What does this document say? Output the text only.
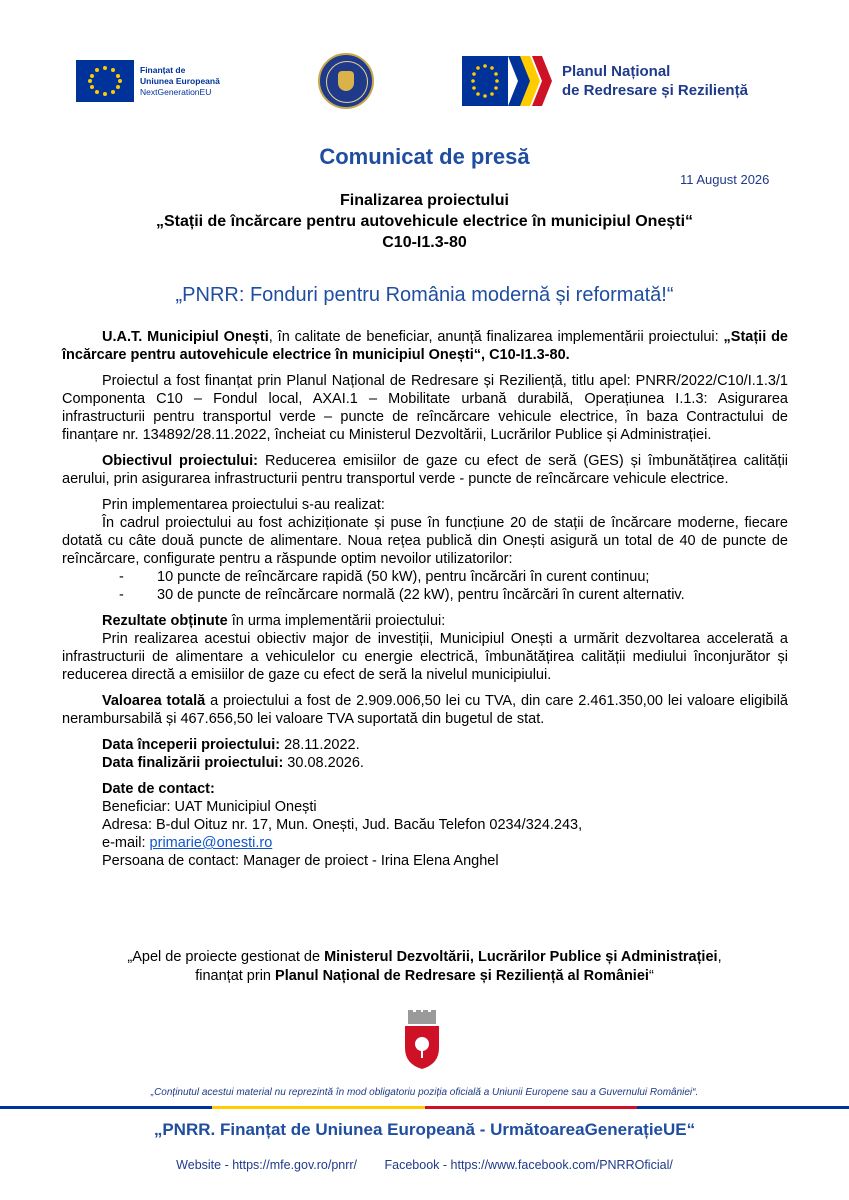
Finanțat de
Uniunea Europeană
NextGenerationEU
Planul Național
de Redresare și Reziliență
Comunicat de presă
11 August 2026
Finalizarea proiectului
„Stații de încărcare pentru autovehicule electrice în municipiul Onești“
C10-I1.3-80
„PNRR: Fonduri pentru România modernă și reformată!“

U.A.T. Municipiul Onești, în calitate de beneficiar, anunță finalizarea implementării proiectului: „Stații de încărcare pentru autovehicule electrice în municipiul Onești“, C10-I1.3-80.

Proiectul a fost finanțat prin Planul Național de Redresare și Reziliență, titlu apel: PNRR/2022/C10/I.1.3/1 Componenta C10 – Fondul local, AXAI.1 – Mobilitate urbană durabilă, Operațiunea I.1.3: Asigurarea infrastructurii pentru transportul verde – puncte de reîncărcare vehicule electrice, în baza Contractului de finanțare nr. 134892/28.11.2022, încheiat cu Ministerul Dezvoltării, Lucrărilor Publice și Administrației.

Obiectivul proiectului: Reducerea emisiilor de gaze cu efect de seră (GES) și îmbunătățirea calității aerului, prin asigurarea infrastructurii pentru transportul verde - puncte de reîncărcare vehicule electrice.

Prin implementarea proiectului s-au realizat:

În cadrul proiectului au fost achiziționate și puse în funcțiune 20 de stații de încărcare moderne, fiecare dotată cu câte două puncte de alimentare. Noua rețea publică din Onești asigură un total de 40 de puncte de reîncărcare, configurate pentru a răspunde optim nevoilor utilizatorilor:

- 10 puncte de reîncărcare rapidă (50 kW), pentru încărcări în curent continuu;

- 30 de puncte de reîncărcare normală (22 kW), pentru încărcări în curent alternativ.

Rezultate obținute în urma implementării proiectului:

Prin realizarea acestui obiectiv major de investiții, Municipiul Onești a urmărit dezvoltarea accelerată a infrastructurii de alimentare a vehiculelor cu energie electrică, îmbunătățirea calității mediului înconjurător și reducerea directă a emisiilor de gaze cu efect de seră la nivelul municipiului.

Valoarea totală a proiectului a fost de 2.909.006,50 lei cu TVA, din care 2.461.350,00 lei valoare eligibilă nerambursabilă și 467.656,50 lei valoare TVA suportată din bugetul de stat.

Data începerii proiectului: 28.11.2022.

Data finalizării proiectului: 30.08.2026.

Date de contact:

Beneficiar: UAT Municipiul Onești

Adresa: B-dul Oituz nr. 17, Mun. Onești, Jud. Bacău Telefon 0234/324.243,

e-mail: primarie@onesti.ro

Persoana de contact: Manager de proiect - Irina Elena Anghel

„Apel de proiecte gestionat de Ministerul Dezvoltării, Lucrărilor Publice și Administrației,
finanțat prin Planul Național de Redresare și Reziliență al României“
„Conținutul acestui material nu reprezintă în mod obligatoriu poziția oficială a Uniunii Europene sau a Guvernului României“.
„PNRR. Finanțat de Uniunea Europeană - UrmătoareaGenerațieUE“
Website - https://mfe.gov.ro/pnrr/ Facebook - https://www.facebook.com/PNRROficial/
